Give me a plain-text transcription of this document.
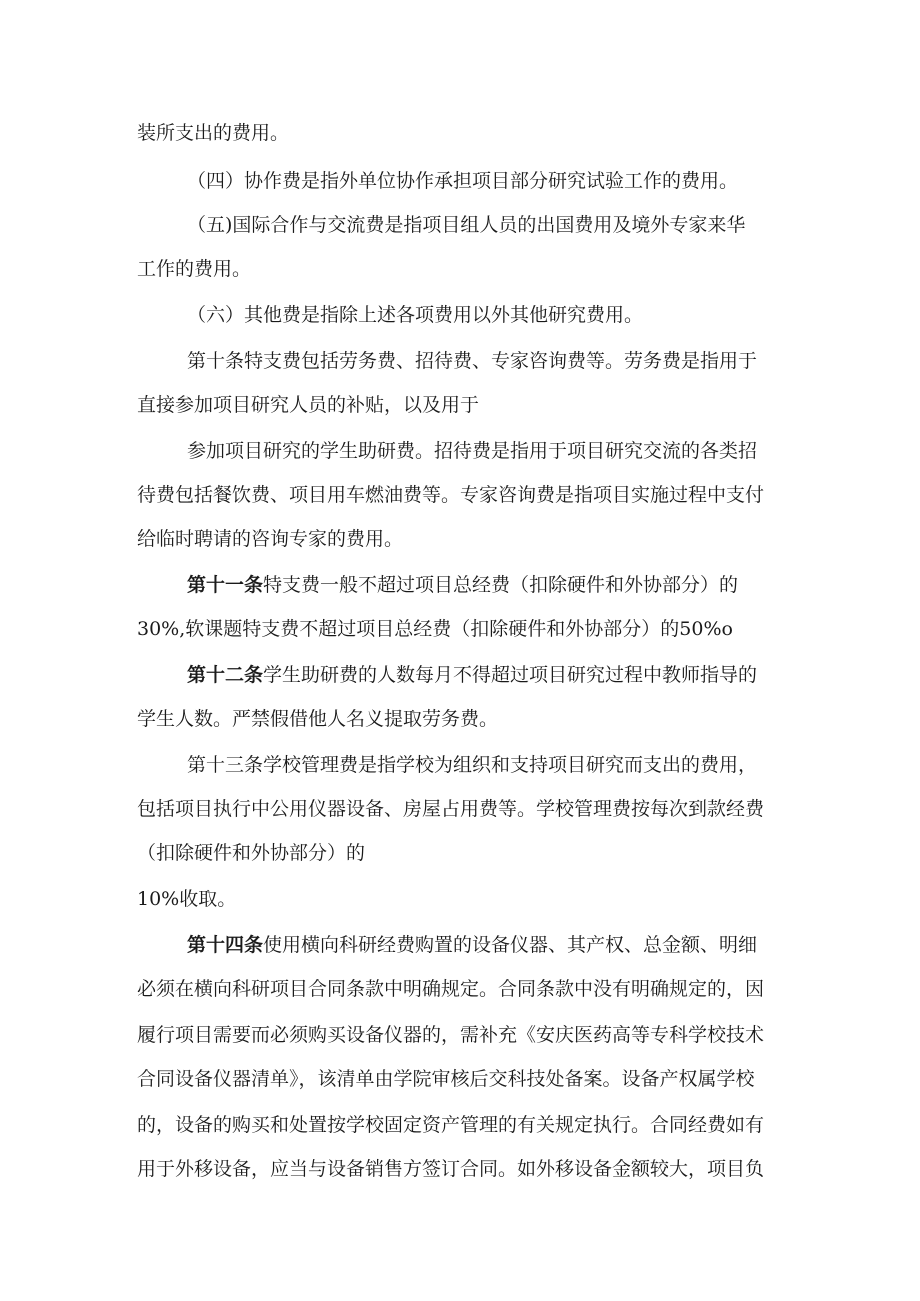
装所支出的费用。
（四）协作费是指外单位协作承担项目部分研究试验工作的费用。
（五)国际合作与交流费是指项目组人员的出国费用及境外专家来华
工作的费用。
（六）其他费是指除上述各项费用以外其他研究费用。
第十条特支费包括劳务费、招待费、专家咨询费等。劳务费是指用于
直接参加项目研究人员的补贴，以及用于
参加项目研究的学生助研费。招待费是指用于项目研究交流的各类招
待费包括餐饮费、项目用车燃油费等。专家咨询费是指项目实施过程中支付
给临时聘请的咨询专家的费用。
第十一条特支费一般不超过项目总经费（扣除硬件和外协部分）的
30%,软课题特支费不超过项目总经费（扣除硬件和外协部分）的50%o
第十二条学生助研费的人数每月不得超过项目研究过程中教师指导的
学生人数。严禁假借他人名义提取劳务费。
第十三条学校管理费是指学校为组织和支持项目研究而支出的费用，
包括项目执行中公用仪器设备、房屋占用费等。学校管理费按每次到款经费
（扣除硬件和外协部分）的
10%收取。
第十四条使用横向科研经费购置的设备仪器、其产权、总金额、明细
必须在横向科研项目合同条款中明确规定。合同条款中没有明确规定的，因
履行项目需要而必须购买设备仪器的，需补充《安庆医药高等专科学校技术
合同设备仪器清单》，该清单由学院审核后交科技处备案。设备产权属学校
的，设备的购买和处置按学校固定资产管理的有关规定执行。合同经费如有
用于外移设备，应当与设备销售方签订合同。如外移设备金额较大，项目负
